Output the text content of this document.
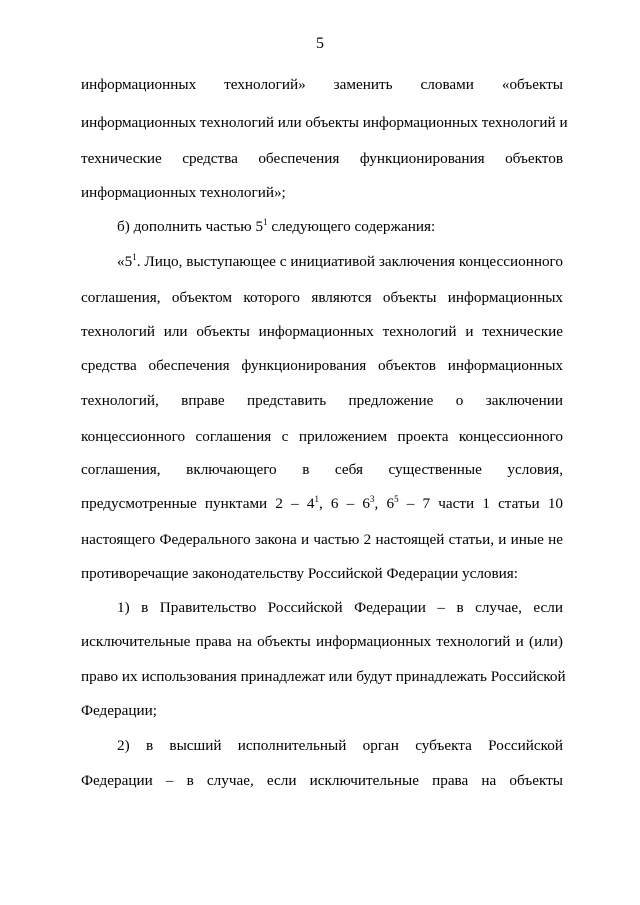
5
информационных технологий» заменить словами «объекты
информационных технологий или объекты информационных технологий и
технические средства обеспечения функционирования объектов
информационных технологий»;
б) дополнить частью $5^1$ следующего содержания:
«$5^1$. Лицо, выступающее с инициативой заключения концессионного
соглашения, объектом которого являются объекты информационных
технологий или объекты информационных технологий и технические
средства обеспечения функционирования объектов информационных
технологий, вправе представить предложение о заключении
концессионного соглашения с приложением проекта концессионного
соглашения, включающего в себя существенные условия,
предусмотренные пунктами $2 - 4^1$, $6 - 6^3$, $6^5 - 7$ части 1 статьи 10
настоящего Федерального закона и частью 2 настоящей статьи, и иные не
противоречащие законодательству Российской Федерации условия:
1) в Правительство Российской Федерации – в случае, если
исключительные права на объекты информационных технологий и (или)
право их использования принадлежат или будут принадлежать Российской
Федерации;
2) в высший исполнительный орган субъекта Российской
Федерации – в случае, если исключительные права на объекты
